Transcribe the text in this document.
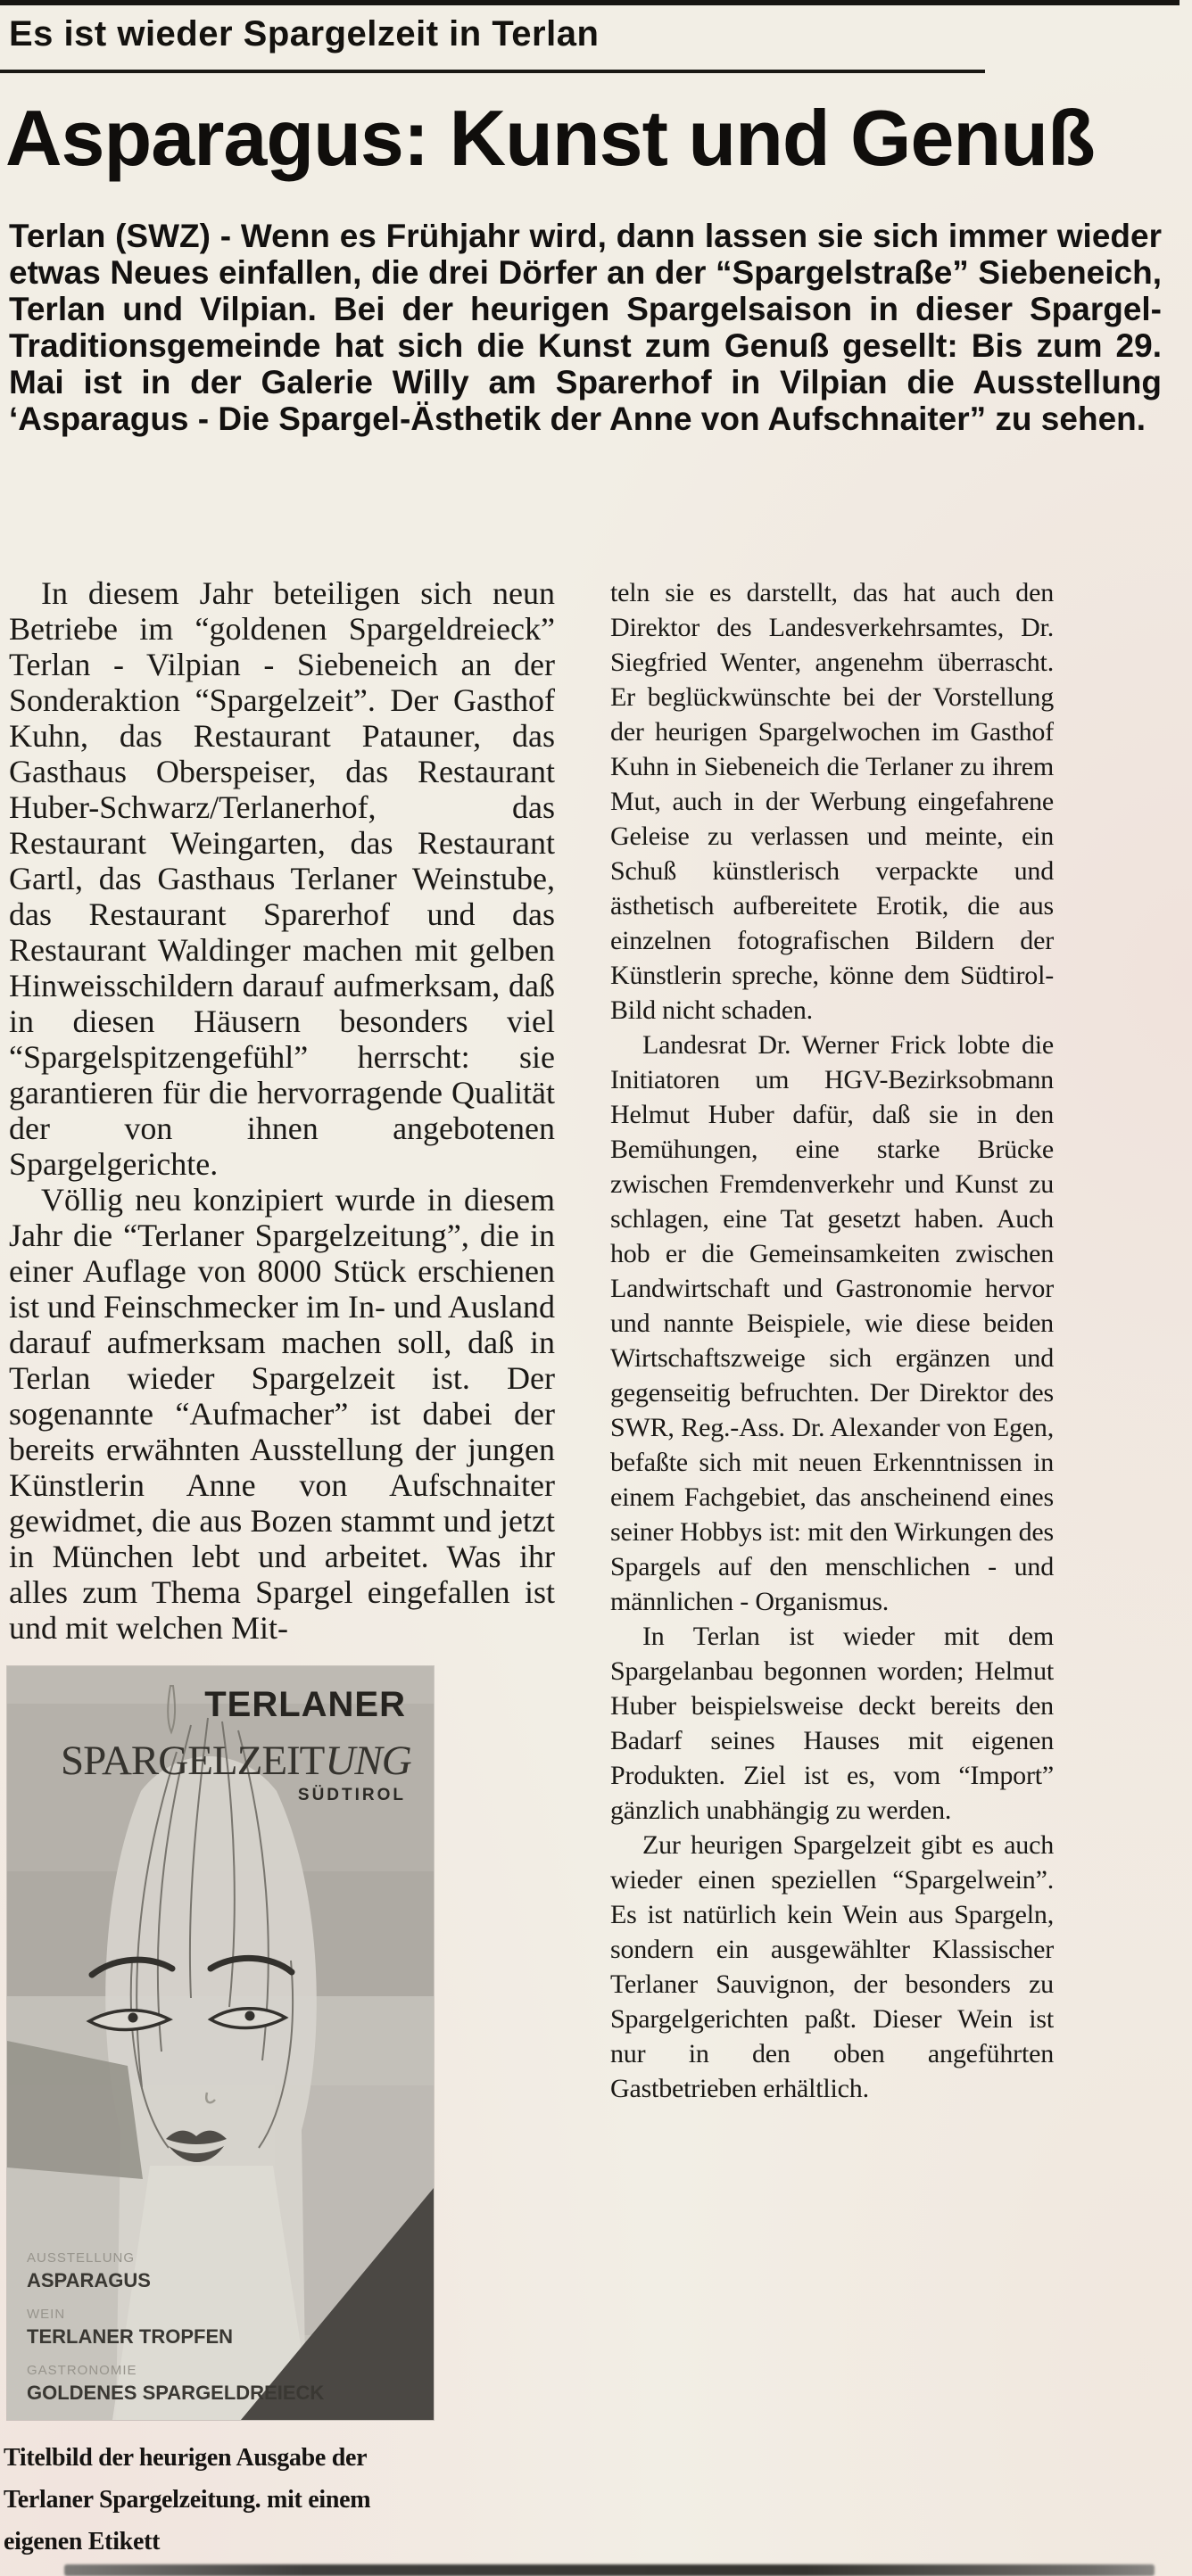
Es ist wieder Spargelzeit in Terlan
Asparagus: Kunst und Genuß
Terlan (SWZ) - Wenn es Frühjahr wird, dann lassen sie sich immer wieder etwas Neues einfallen, die drei Dörfer an der “Spargelstraße” Siebeneich, Terlan und Vilpian. Bei der heurigen Spargelsaison in dieser Spargel-Traditionsgemeinde hat sich die Kunst zum Genuß gesellt: Bis zum 29. Mai ist in der Galerie Willy am Sparerhof in Vilpian die Ausstellung ‘Asparagus - Die Spargel-Ästhetik der Anne von Aufschnaiter” zu sehen.

In diesem Jahr beteiligen sich neun Betriebe im “goldenen Spargeldreieck” Terlan - Vilpian - Siebeneich an der Sonderaktion “Spargelzeit”. Der Gasthof Kuhn, das Restaurant Patauner, das Gasthaus Oberspeiser, das Restaurant Huber-Schwarz/Terlanerhof, das Restaurant Weingarten, das Restaurant Gartl, das Gasthaus Terlaner Weinstube, das Restaurant Sparerhof und das Restaurant Waldinger machen mit gelben Hinweisschildern darauf aufmerksam, daß in diesen Häusern besonders viel “Spargelspitzengefühl” herrscht: sie garantieren für die hervorragende Qualität der von ihnen angebotenen Spargelgerichte.

Völlig neu konzipiert wurde in diesem Jahr die “Terlaner Spargelzeitung”, die in einer Auflage von 8000 Stück erschienen ist und Feinschmecker im In- und Ausland darauf aufmerksam machen soll, daß in Terlan wieder Spargelzeit ist. Der sogenannte “Aufmacher” ist dabei der bereits erwähnten Ausstellung der jungen Künstlerin Anne von Aufschnaiter gewidmet, die aus Bozen stammt und jetzt in München lebt und arbeitet. Was ihr alles zum Thema Spargel eingefallen ist und mit welchen Mit-

teln sie es darstellt, das hat auch den Direktor des Landesverkehrsamtes, Dr. Siegfried Wenter, angenehm überrascht. Er beglückwünschte bei der Vorstellung der heurigen Spargelwochen im Gasthof Kuhn in Siebeneich die Terlaner zu ihrem Mut, auch in der Werbung eingefahrene Geleise zu verlassen und meinte, ein Schuß künstlerisch verpackte und ästhetisch aufbereitete Erotik, die aus einzelnen fotografischen Bildern der Künstlerin spreche, könne dem Südtirol-Bild nicht schaden.

Landesrat Dr. Werner Frick lobte die Initiatoren um HGV-Bezirksobmann Helmut Huber dafür, daß sie in den Bemühungen, eine starke Brücke zwischen Fremdenverkehr und Kunst zu schlagen, eine Tat gesetzt haben. Auch hob er die Gemeinsamkeiten zwischen Landwirtschaft und Gastronomie hervor und nannte Beispiele, wie diese beiden Wirtschaftszweige sich ergänzen und gegenseitig befruchten. Der Direktor des SWR, Reg.-Ass. Dr. Alexander von Egen, befaßte sich mit neuen Erkenntnissen in einem Fachgebiet, das anscheinend eines seiner Hobbys ist: mit den Wirkungen des Spargels auf den menschlichen - und männlichen - Organismus.

In Terlan ist wieder mit dem Spargelanbau begonnen worden; Helmut Huber beispielsweise deckt bereits den Badarf seines Hauses mit eigenen Produkten. Ziel ist es, vom “Import” gänzlich unabhängig zu werden.

Zur heurigen Spargelzeit gibt es auch wieder einen speziellen “Spargelwein”. Es ist natürlich kein Wein aus Spargeln, sondern ein ausgewählter Klassischer Terlaner Sauvignon, der besonders zu Spargelgerichten paßt. Dieser Wein ist nur in den oben angeführten Gastbetrieben erhältlich.

TERLANER
SPARGELZEITUNG
SÜDTIROL
AUSSTELLUNG
ASPARAGUS
WEIN
TERLANER TROPFEN
GASTRONOMIE
GOLDENES SPARGELDREIECK
Titelbild der heurigen Ausgabe der Terlaner Spargelzeitung. mit einem eigenen Etikett
